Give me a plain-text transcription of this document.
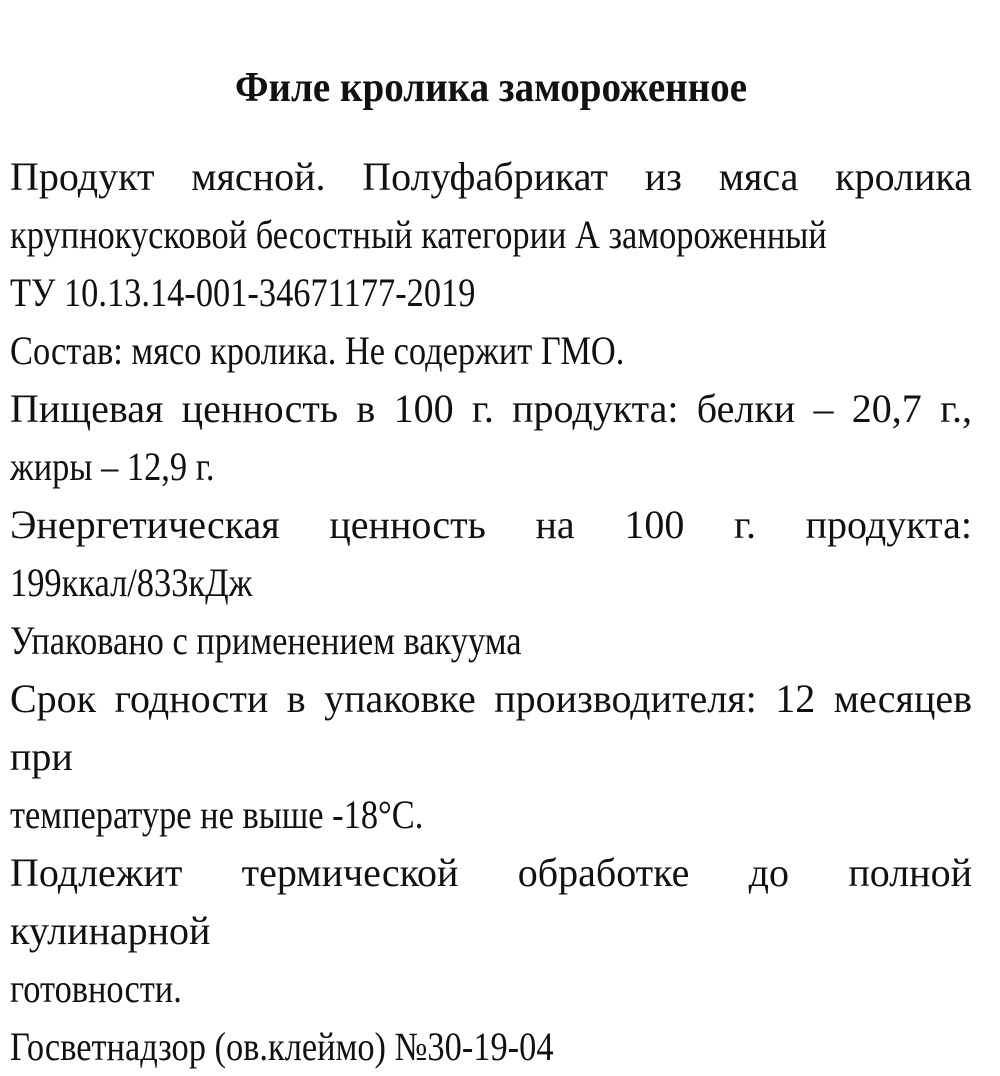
Филе кролика замороженное

Продукт мясной. Полуфабрикат из мяса кролика
крупнокусковой бесостный категории А замороженный
ТУ 10.13.14-001-34671177-2019

Состав: мясо кролика. Не содержит ГМО.

Пищевая ценность в 100 г. продукта: белки – 20,7 г.,
жиры – 12,9 г.

Энергетическая ценность на 100 г. продукта:
199ккал/833кДж

Упаковано с применением вакуума

Срок годности в упаковке производителя: 12 месяцев при
температуре не выше -18°С.

Подлежит термической обработке до полной кулинарной
готовности.

Госветнадзор (ов.клеймо) №30-19-04
